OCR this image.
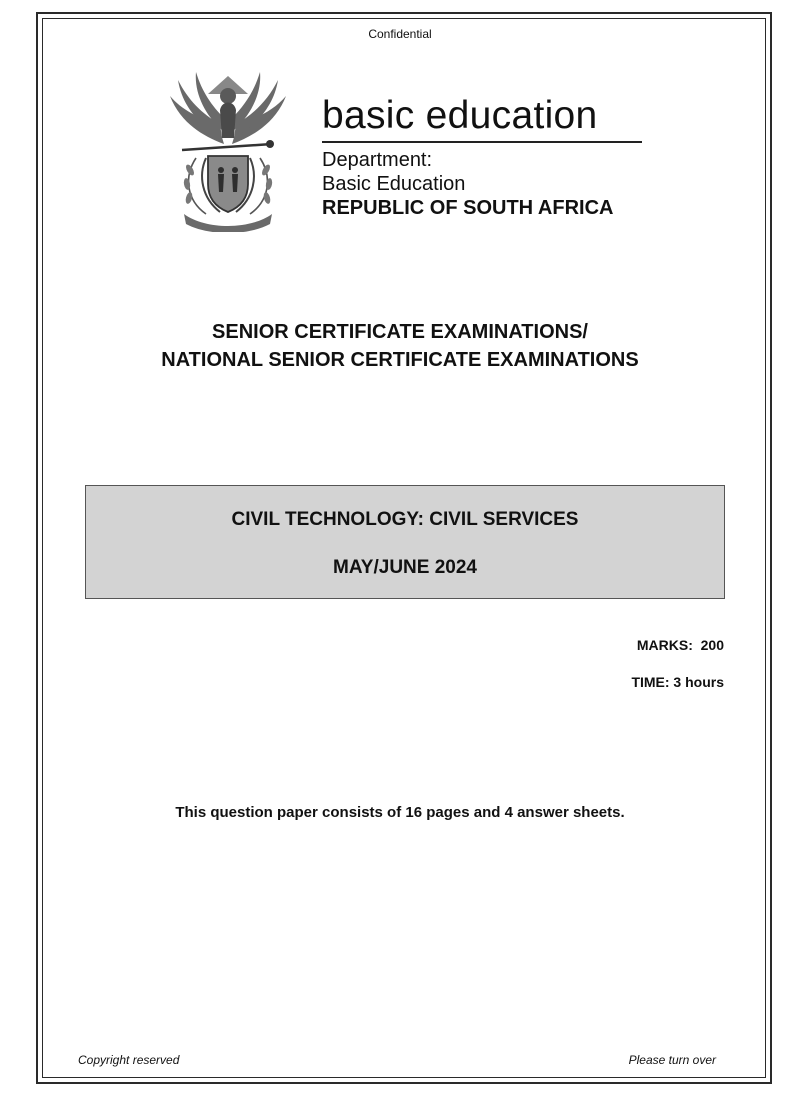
Confidential
basic education
Department:
Basic Education
REPUBLIC OF SOUTH AFRICA
SENIOR CERTIFICATE EXAMINATIONS/
NATIONAL SENIOR CERTIFICATE EXAMINATIONS
CIVIL TECHNOLOGY: CIVIL SERVICES
MAY/JUNE 2024
MARKS:  200
TIME: 3 hours
This question paper consists of 16 pages and 4 answer sheets.
Copyright reserved	Please turn over
